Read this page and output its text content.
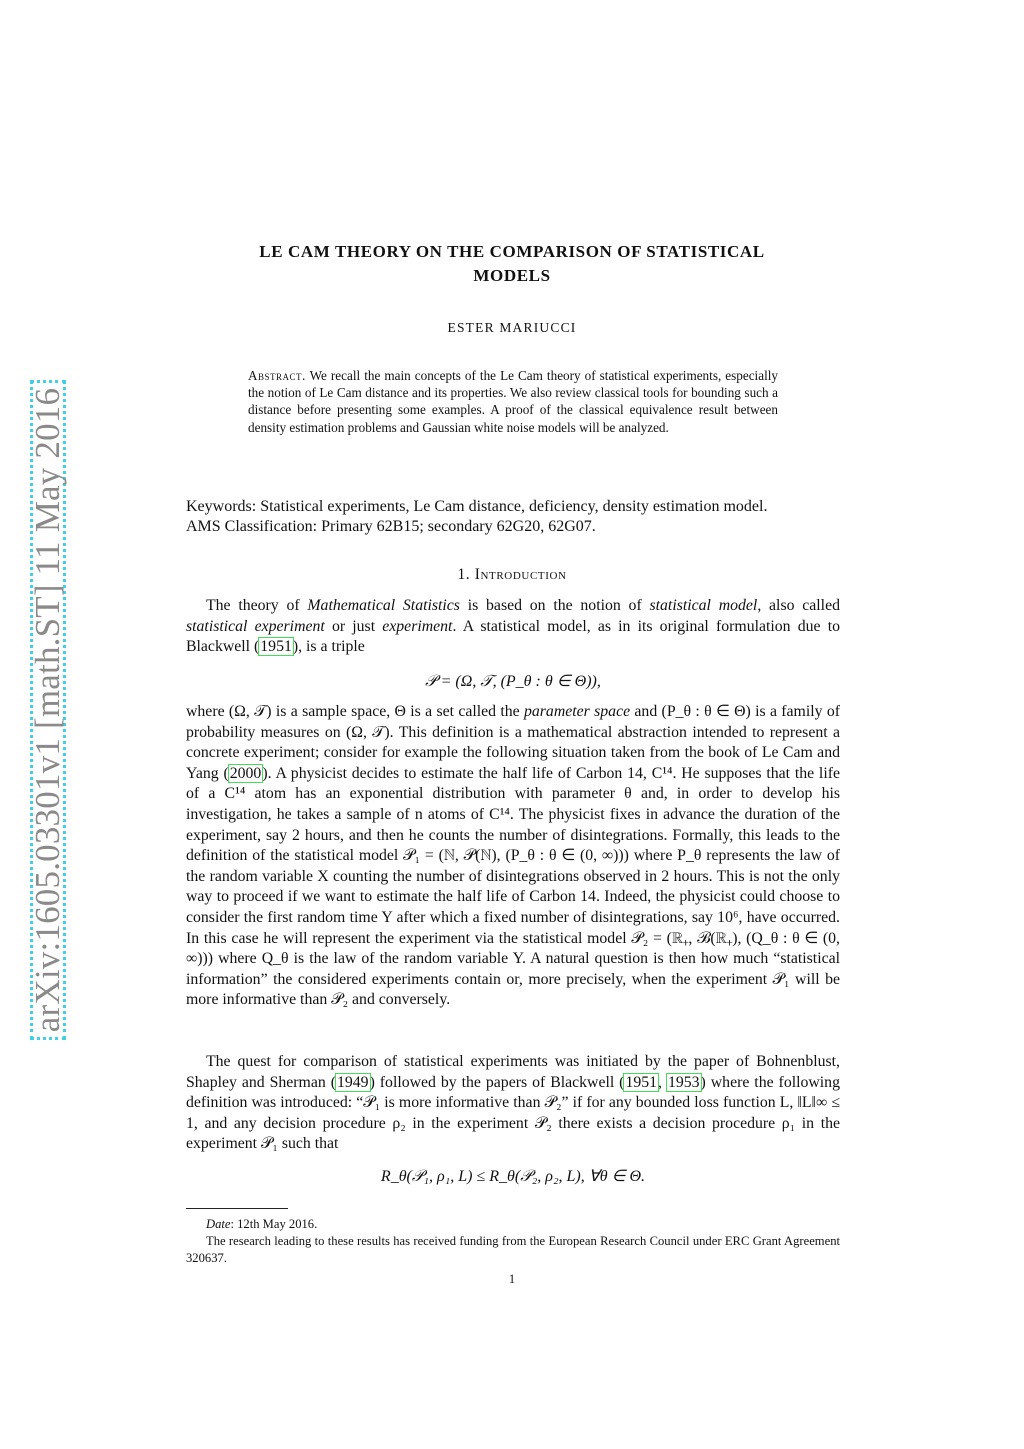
arXiv:1605.03301v1 [math.ST] 11 May 2016
LE CAM THEORY ON THE COMPARISON OF STATISTICAL
MODELS
ESTER MARIUCCI
Abstract. We recall the main concepts of the Le Cam theory of statistical experiments, especially the notion of Le Cam distance and its properties. We also review classical tools for bounding such a distance before presenting some examples. A proof of the classical equivalence result between density estimation problems and Gaussian white noise models will be analyzed.
Keywords: Statistical experiments, Le Cam distance, deficiency, density estimation model.
AMS Classification: Primary 62B15; secondary 62G20, 62G07.
1. Introduction
The theory of Mathematical Statistics is based on the notion of statistical model, also called statistical experiment or just experiment. A statistical model, as in its original formulation due to Blackwell (1951), is a triple
𝒫 = (Ω, 𝒯, (P_θ : θ ∈ Θ)),
where (Ω, 𝒯) is a sample space, Θ is a set called the parameter space and (P_θ : θ ∈ Θ) is a family of probability measures on (Ω, 𝒯). This definition is a mathematical abstraction intended to represent a concrete experiment; consider for example the following situation taken from the book of Le Cam and Yang (2000). A physicist decides to estimate the half life of Carbon 14, C¹⁴. He supposes that the life of a C¹⁴ atom has an exponential distribution with parameter θ and, in order to develop his investigation, he takes a sample of n atoms of C¹⁴. The physicist fixes in advance the duration of the experiment, say 2 hours, and then he counts the number of disintegrations. Formally, this leads to the definition of the statistical model 𝒫₁ = (ℕ, 𝒫(ℕ), (P_θ : θ ∈ (0, ∞))) where P_θ represents the law of the random variable X counting the number of disintegrations observed in 2 hours. This is not the only way to proceed if we want to estimate the half life of Carbon 14. Indeed, the physicist could choose to consider the first random time Y after which a fixed number of disintegrations, say 10⁶, have occurred. In this case he will represent the experiment via the statistical model 𝒫₂ = (ℝ₊, ℬ(ℝ₊), (Q_θ : θ ∈ (0, ∞))) where Q_θ is the law of the random variable Y. A natural question is then how much “statistical information” the considered experiments contain or, more precisely, when the experiment 𝒫₁ will be more informative than 𝒫₂ and conversely.
The quest for comparison of statistical experiments was initiated by the paper of Bohnenblust, Shapley and Sherman (1949) followed by the papers of Blackwell (1951, 1953) where the following definition was introduced: “𝒫₁ is more informative than 𝒫₂” if for any bounded loss function L, ‖L‖∞ ≤ 1, and any decision procedure ρ₂ in the experiment 𝒫₂ there exists a decision procedure ρ₁ in the experiment 𝒫₁ such that
R_θ(𝒫₁, ρ₁, L) ≤ R_θ(𝒫₂, ρ₂, L), ∀θ ∈ Θ.
Date: 12th May 2016.
The research leading to these results has received funding from the European Research Council under ERC Grant Agreement 320637.
1
